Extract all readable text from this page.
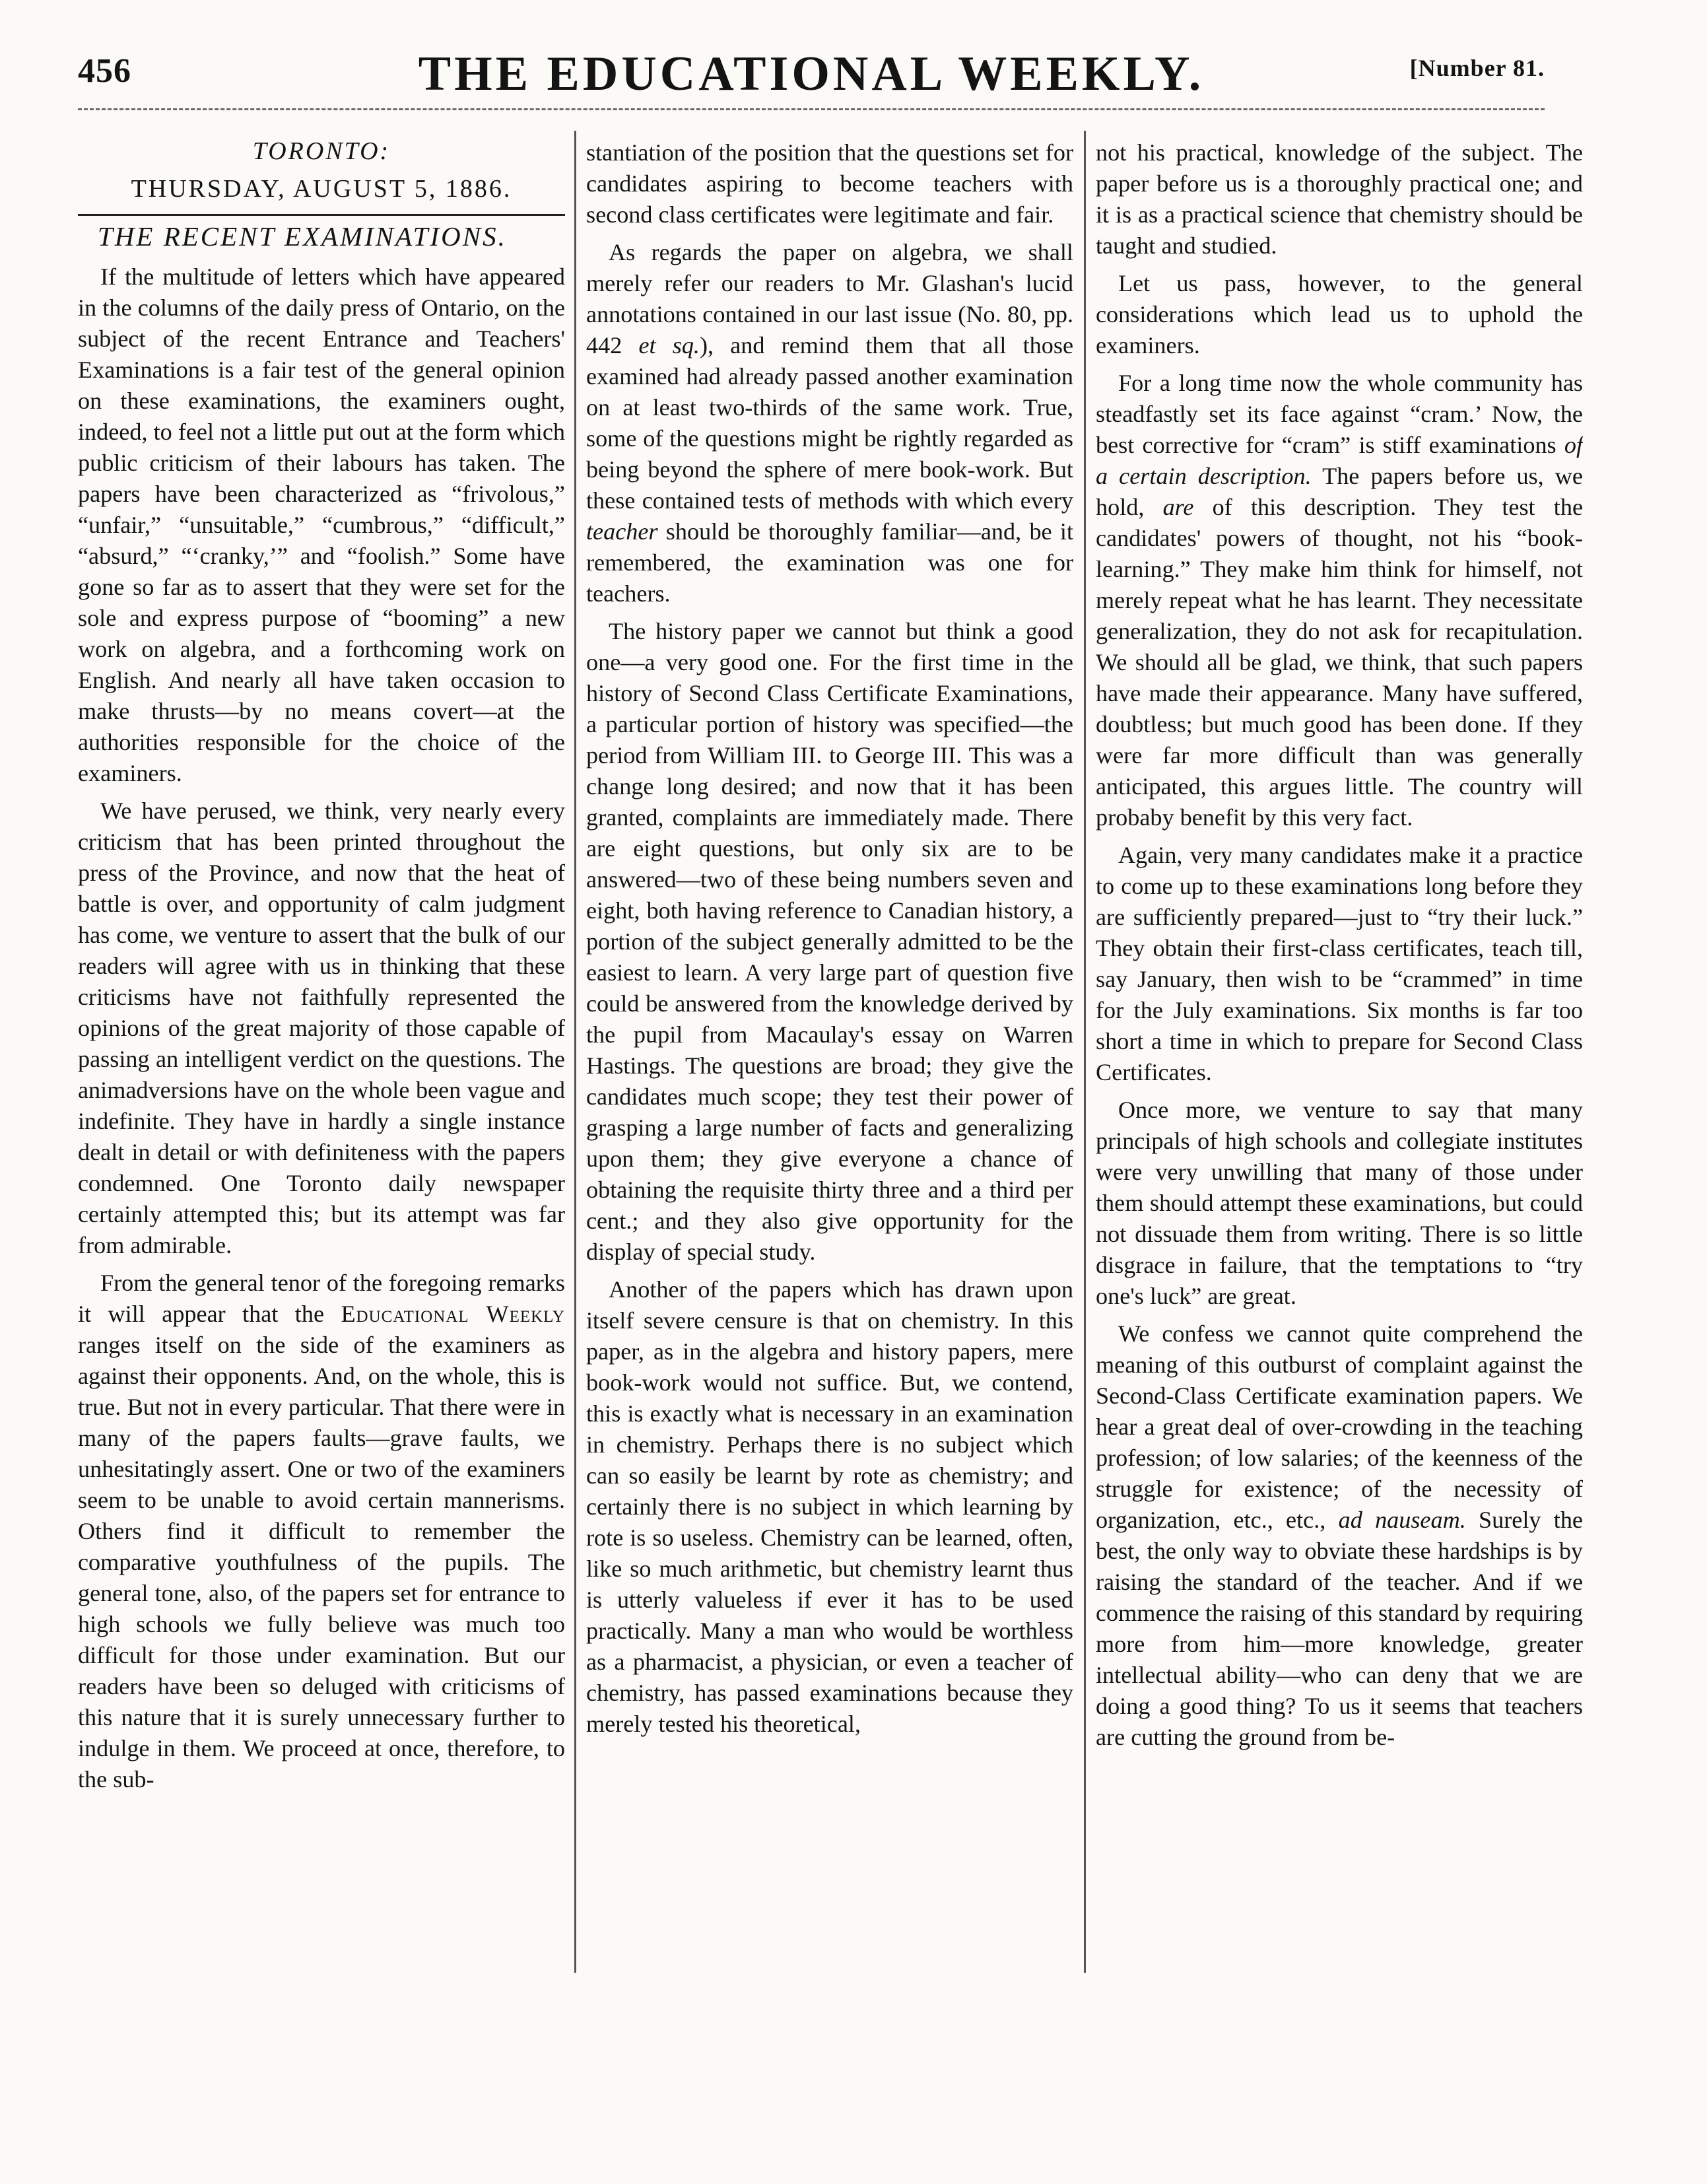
456	THE EDUCATIONAL WEEKLY.	[Number 81.

TORONTO:

THURSDAY, AUGUST 5, 1886.

THE RECENT EXAMINATIONS.

If the multitude of letters which have appeared in the columns of the daily press of Ontario, on the subject of the recent Entrance and Teachers' Examinations is a fair test of the general opinion on these examinations, the examiners ought, indeed, to feel not a little put out at the form which public criticism of their labours has taken. The papers have been characterized as “frivolous,” “unfair,” “unsuitable,” “cumbrous,” “difficult,” “absurd,” “‘cranky,’” and “foolish.” Some have gone so far as to assert that they were set for the sole and express purpose of “booming” a new work on algebra, and a forthcoming work on English. And nearly all have taken occasion to make thrusts—by no means covert—at the authorities responsible for the choice of the examiners.

We have perused, we think, very nearly every criticism that has been printed throughout the press of the Province, and now that the heat of battle is over, and opportunity of calm judgment has come, we venture to assert that the bulk of our readers will agree with us in thinking that these criticisms have not faithfully represented the opinions of the great majority of those capable of passing an intelligent verdict on the questions. The animadversions have on the whole been vague and indefinite. They have in hardly a single instance dealt in detail or with definiteness with the papers condemned. One Toronto daily newspaper certainly attempted this; but its attempt was far from admirable.

From the general tenor of the foregoing remarks it will appear that the Educational Weekly ranges itself on the side of the examiners as against their opponents. And, on the whole, this is true. But not in every particular. That there were in many of the papers faults—grave faults, we unhesitatingly assert. One or two of the examiners seem to be unable to avoid certain mannerisms. Others find it difficult to remember the comparative youthfulness of the pupils. The general tone, also, of the papers set for entrance to high schools we fully believe was much too difficult for those under examination. But our readers have been so deluged with criticisms of this nature that it is surely unnecessary further to indulge in them. We proceed at once, therefore, to the sub-

stantiation of the position that the questions set for candidates aspiring to become teachers with second class certificates were legitimate and fair.

As regards the paper on algebra, we shall merely refer our readers to Mr. Glashan's lucid annotations contained in our last issue (No. 80, pp. 442 et sq.), and remind them that all those examined had already passed another examination on at least two-thirds of the same work. True, some of the questions might be rightly regarded as being beyond the sphere of mere book-work. But these contained tests of methods with which every teacher should be thoroughly familiar—and, be it remembered, the examination was one for teachers.

The history paper we cannot but think a good one—a very good one. For the first time in the history of Second Class Certificate Examinations, a particular portion of history was specified—the period from William III. to George III. This was a change long desired; and now that it has been granted, complaints are immediately made. There are eight questions, but only six are to be answered—two of these being numbers seven and eight, both having reference to Canadian history, a portion of the subject generally admitted to be the easiest to learn. A very large part of question five could be answered from the knowledge derived by the pupil from Macaulay's essay on Warren Hastings. The questions are broad; they give the candidates much scope; they test their power of grasping a large number of facts and generalizing upon them; they give everyone a chance of obtaining the requisite thirty three and a third per cent.; and they also give opportunity for the display of special study.

Another of the papers which has drawn upon itself severe censure is that on chemistry. In this paper, as in the algebra and history papers, mere book-work would not suffice. But, we contend, this is exactly what is necessary in an examination in chemistry. Perhaps there is no subject which can so easily be learnt by rote as chemistry; and certainly there is no subject in which learning by rote is so useless. Chemistry can be learned, often, like so much arithmetic, but chemistry learnt thus is utterly valueless if ever it has to be used practically. Many a man who would be worthless as a pharmacist, a physician, or even a teacher of chemistry, has passed examinations because they merely tested his theoretical,

not his practical, knowledge of the subject. The paper before us is a thoroughly practical one; and it is as a practical science that chemistry should be taught and studied.

Let us pass, however, to the general considerations which lead us to uphold the examiners.

For a long time now the whole community has steadfastly set its face against “cram.’ Now, the best corrective for “cram” is stiff examinations of a certain description. The papers before us, we hold, are of this description. They test the candidates' powers of thought, not his “book-learning.” They make him think for himself, not merely repeat what he has learnt. They necessitate generalization, they do not ask for recapitulation. We should all be glad, we think, that such papers have made their appearance. Many have suffered, doubtless; but much good has been done. If they were far more difficult than was generally anticipated, this argues little. The country will probaby benefit by this very fact.

Again, very many candidates make it a practice to come up to these examinations long before they are sufficiently prepared—just to “try their luck.” They obtain their first-class certificates, teach till, say January, then wish to be “crammed” in time for the July examinations. Six months is far too short a time in which to prepare for Second Class Certificates.

Once more, we venture to say that many principals of high schools and collegiate institutes were very unwilling that many of those under them should attempt these examinations, but could not dissuade them from writing. There is so little disgrace in failure, that the temptations to “try one's luck” are great.

We confess we cannot quite comprehend the meaning of this outburst of complaint against the Second-Class Certificate examination papers. We hear a great deal of over-crowding in the teaching profession; of low salaries; of the keenness of the struggle for existence; of the necessity of organization, etc., etc., ad nauseam. Surely the best, the only way to obviate these hardships is by raising the standard of the teacher. And if we commence the raising of this standard by requiring more from him—more knowledge, greater intellectual ability—who can deny that we are doing a good thing? To us it seems that teachers are cutting the ground from be-
